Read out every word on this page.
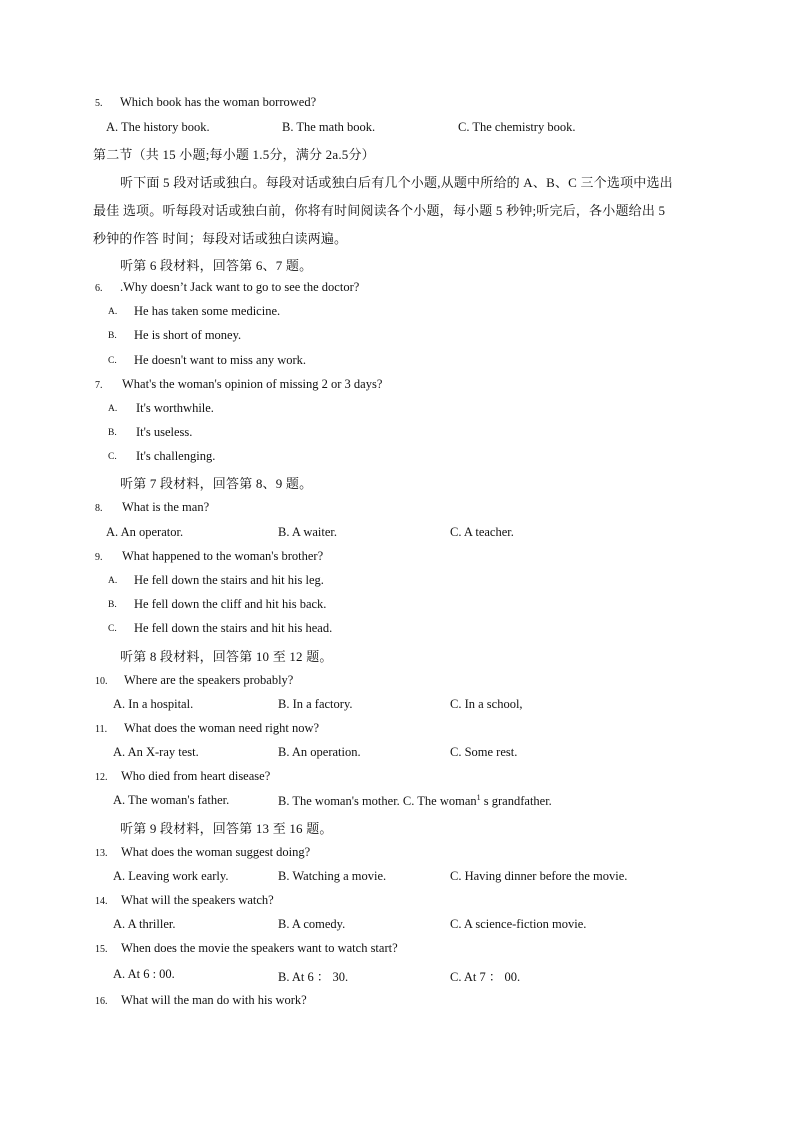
5. Which book has the woman borrowed?
A. The history book.	B. The math book.	C. The chemistry book.
第二节（共 15 小题;每小题 1.5分，满分 2a.5分）
听下面 5 段对话或独白。每段对话或独白后有几个小题,从题中所给的 A、B、C 三个选项中选出
最佳 选项。听每段对话或独白前，你将有时间阅读各个小题，每小题 5 秒钟;听完后，各小题给出 5
秒钟的作答 时间；每段对话或独白读两遍。
听第 6 段材料，回答第 6、7 题。
6. .Why doesn’t Jack want to go to see the doctor?
A. He has taken some medicine.
B. He is short of money.
C. He doesn't want to miss any work.
7. What's the woman's opinion of missing 2 or 3 days?
A. It's worthwhile.
B. It's useless.
C. It's challenging.
听第 7 段材料，回答第 8、9 题。
8. What is the man?
A. An operator.	B. A waiter.	C. A teacher.
9. What happened to the woman's brother?
A. He fell down the stairs and hit his leg.
B. He fell down the cliff and hit his back.
C. He fell down the stairs and hit his head.
听第 8 段材料，回答第 10 至 12 题。
10. Where are the speakers probably?
A. In a hospital.	B. In a factory.	C. In a school,
11. What does the woman need right now?
A. An X-ray test.	B. An operation.	C. Some rest.
12. Who died from heart disease?
A. The woman's father.	B. The woman's mother. C. The woman$^1$ s grandfather.
听第 9 段材料，回答第 13 至 16 题。
13. What does the woman suggest doing?
A. Leaving work early.	B. Watching a movie.	C. Having dinner before the movie.
14. What will the speakers watch?
A. A thriller.	B. A comedy.	C. A science-fiction movie.
15. When does the movie the speakers want to watch start?
A. At 6 : 00.	B. At 6 ： 30.	C. At 7 ： 00.
16. What will the man do with his work?
